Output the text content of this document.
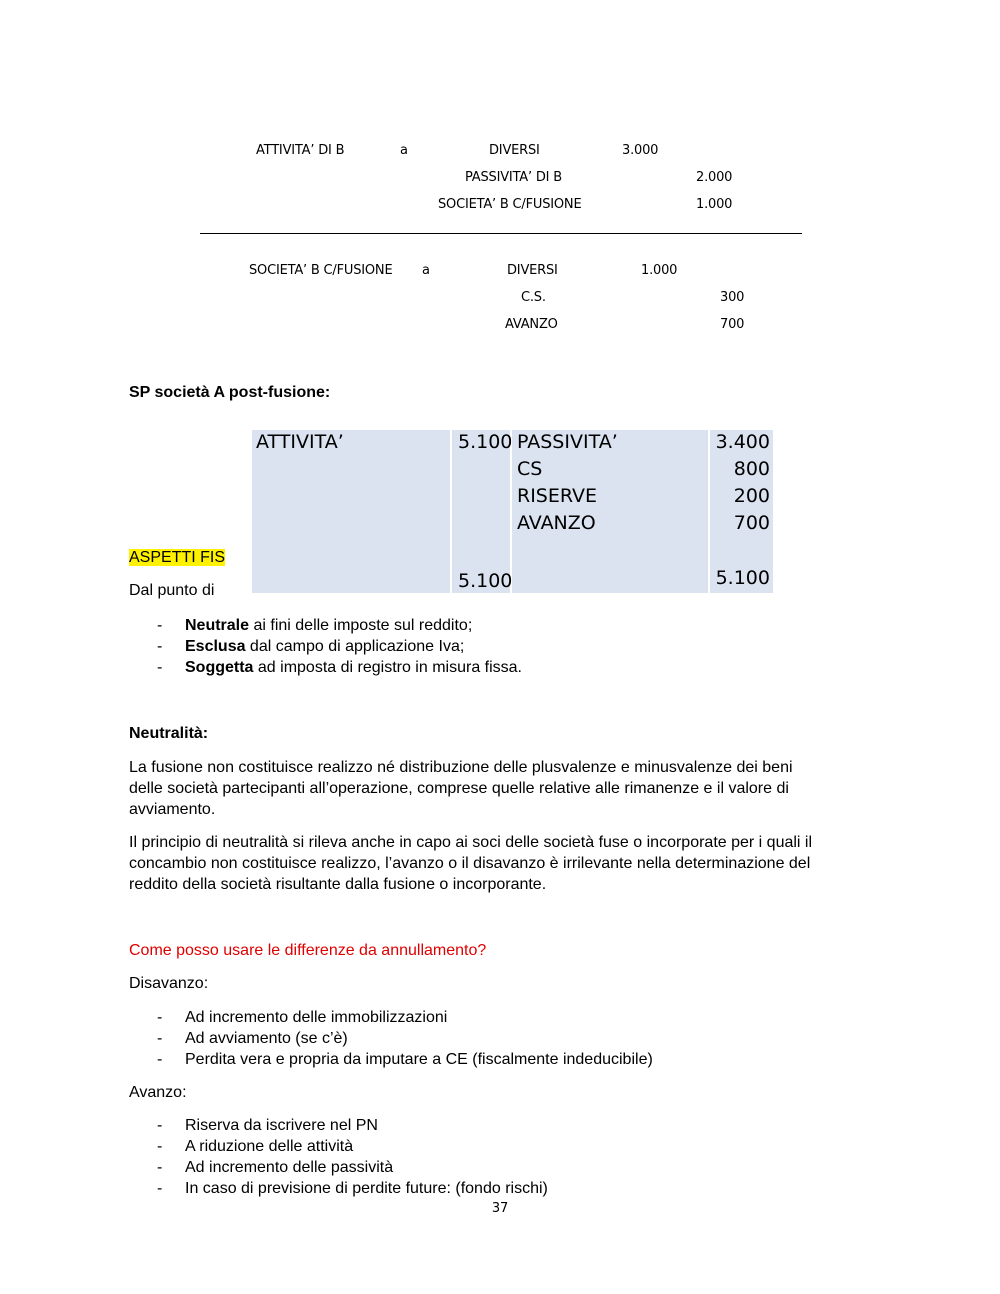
ATTIVITA’ DI B	a	DIVERSI	3.000
PASSIVITA’ DI B	2.000
SOCIETA’ B C/FUSIONE	1.000
SOCIETA’ B C/FUSIONE a	DIVERSI	1.000
C.S.	300
AVANZO	700
SP società A post-fusione:
ASPETTI FIS
Dal punto di
ATTIVITA’	5.100 PASSIVITA’	3.400
CS	800
RISERVE	200
AVANZO	700
5.100	5.100
- Neutrale ai fini delle imposte sul reddito;
- Esclusa dal campo di applicazione Iva;
- Soggetta ad imposta di registro in misura fissa.
Neutralità:
La fusione non costituisce realizzo né distribuzione delle plusvalenze e minusvalenze dei beni
delle società partecipanti all’operazione, comprese quelle relative alle rimanenze e il valore di
avviamento.
Il principio di neutralità si rileva anche in capo ai soci delle società fuse o incorporate per i quali il
concambio non costituisce realizzo, l’avanzo o il disavanzo è irrilevante nella determinazione del
reddito della società risultante dalla fusione o incorporante.
Come posso usare le differenze da annullamento?
Disavanzo:
- Ad incremento delle immobilizzazioni
- Ad avviamento (se c’è)
- Perdita vera e propria da imputare a CE (fiscalmente indeducibile)
Avanzo:
- Riserva da iscrivere nel PN
- A riduzione delle attività
- Ad incremento delle passività
- In caso di previsione di perdite future: (fondo rischi)
37
